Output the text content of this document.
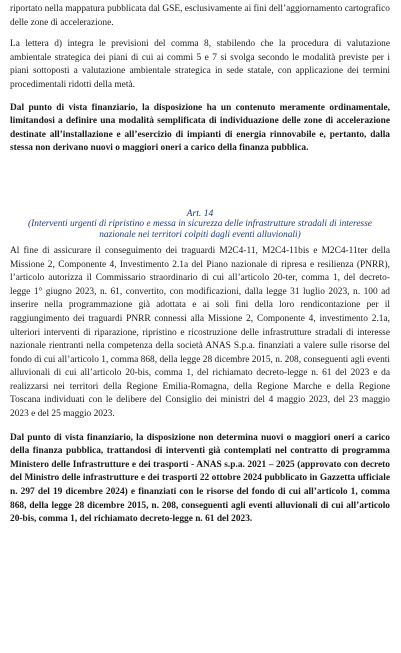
riportato nella mappatura pubblicata dal GSE, esclusivamente ai fini dell’aggiornamento cartografico delle zone di accelerazione.

La lettera d) integra le previsioni del comma 8, stabilendo che la procedura di valutazione ambientale strategica dei piani di cui ai commi 5 e 7 si svolga secondo le modalità previste per i piani sottoposti a valutazione ambientale strategica in sede statale, con applicazione dei termini procedimentali ridotti della metà.

Dal punto di vista finanziario, la disposizione ha un contenuto meramente ordinamentale, limitandosi a definire una modalità semplificata di individuazione delle zone di accelerazione destinate all’installazione e all’esercizio di impianti di energia rinnovabile e, pertanto, dalla stessa non derivano nuovi o maggiori oneri a carico della finanza pubblica.

Art. 14
(Interventi urgenti di ripristino e messa in sicurezza delle infrastrutture stradali di interesse nazionale nei territori colpiti dagli eventi alluvionali)

Al fine di assicurare il conseguimento dei traguardi M2C4-11, M2C4-11bis e M2C4-11ter della Missione 2, Componente 4, Investimento 2.1a del Piano nazionale di ripresa e resilienza (PNRR), l’articolo autorizza il Commissario straordinario di cui all’articolo 20-ter, comma 1, del decreto-legge 1° giugno 2023, n. 61, convertito, con modificazioni, dalla legge 31 luglio 2023, n. 100 ad inserire nella programmazione già adottata e ai soli fini della loro rendicontazione per il raggiungimento dei traguardi PNRR connessi alla Missione 2, Componente 4, investimento 2.1a, ulteriori interventi di riparazione, ripristino e ricostruzione delle infrastrutture stradali di interesse nazionale rientranti nella competenza della società ANAS S.p.a. finanziati a valere sulle risorse del fondo di cui all’articolo 1, comma 868, della legge 28 dicembre 2015, n. 208, conseguenti agli eventi alluvionali di cui all’articolo 20-bis, comma 1, del richiamato decreto-legge n. 61 del 2023 e da realizzarsi nei territori della Regione Emilia-Romagna, della Regione Marche e della Regione Toscana individuati con le delibere del Consiglio dei ministri del 4 maggio 2023, del 23 maggio 2023 e del 25 maggio 2023.

Dal punto di vista finanziario, la disposizione non determina nuovi o maggiori oneri a carico della finanza pubblica, trattandosi di interventi già contemplati nel contratto di programma Ministero delle Infrastrutture e dei trasporti - ANAS s.p.a. 2021 – 2025 (approvato con decreto del Ministro delle infrastrutture e dei trasporti 22 ottobre 2024 pubblicato in Gazzetta ufficiale n. 297 del 19 dicembre 2024) e finanziati con le risorse del fondo di cui all’articolo 1, comma 868, della legge 28 dicembre 2015, n. 208, conseguenti agli eventi alluvionali di cui all’articolo 20-bis, comma 1, del richiamato decreto-legge n. 61 del 2023.
